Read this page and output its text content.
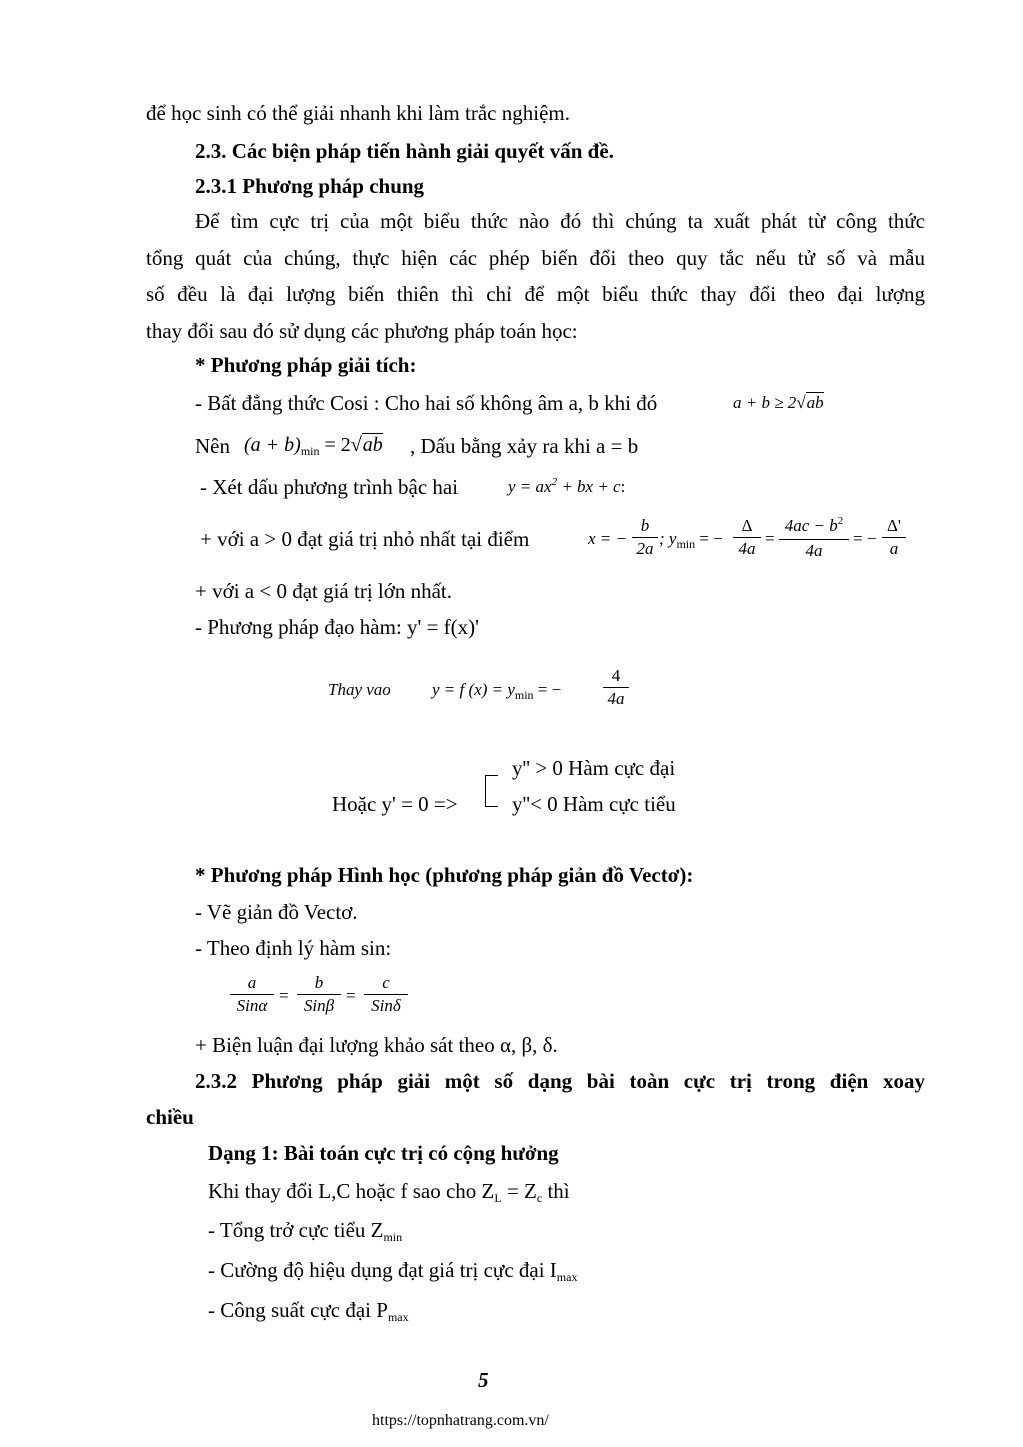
để học sinh có thể giải nhanh khi làm trắc nghiệm.
2.3. Các biện pháp tiến hành giải quyết vấn đề.
2.3.1 Phương pháp chung
Để tìm cực trị của một biểu thức nào đó thì chúng ta xuất phát từ công thức
tổng quát của chúng, thực hiện các phép biến đổi theo quy tắc nếu tử số và mẫu
số đều là đại lượng biến thiên thì chỉ để một biểu thức thay đổi theo đại lượng
thay đổi sau đó sử dụng các phương pháp toán học:
* Phương pháp giải tích:
- Bất đẳng thức Cosi : Cho hai số không âm a, b khi đó	a + b ≥ 2√ab
Nên $(a + b)_{min} = 2√ab$ , Dấu bằng xảy ra khi a = b
- Xét dấu phương trình bậc hai	$y = ax^2$ + bx + c:
+ với a > 0 đạt giá trị nhỏ nhất tại điểm	x = −
b
2a
; $y_{min}$ = −
Δ
4a
=
$4ac - b^2$
4a
= −
Δ'
a
+ với a < 0 đạt giá trị lớn nhất.
- Phương pháp đạo hàm: y' = f(x)'
Thay vao y = f $(x) = y_{min}$ = −
4
4a
Hoặc y' = 0 =>
y'' > 0 Hàm cực đại
y''< 0 Hàm cực tiểu
* Phương pháp Hình học (phương pháp giản đồ Vectơ):
- Vẽ giản đồ Vectơ.
- Theo định lý hàm sin:
a
Sinα
=
b
Sinβ
=
c
Sinδ
+ Biện luận đại lượng khảo sát theo α, β, δ.
2.3.2 Phương pháp giải một số dạng bài toàn cực trị trong điện xoay
chiều
Dạng 1: Bài toán cực trị có cộng hưởng
Khi thay đổi L,C hoặc f sao cho ZL = Zc thì
- Tổng trở cực tiểu Zmin
- Cường độ hiệu dụng đạt giá trị cực đại Imax
- Công suất cực đại Pmax
5
https://topnhatrang.com.vn/
